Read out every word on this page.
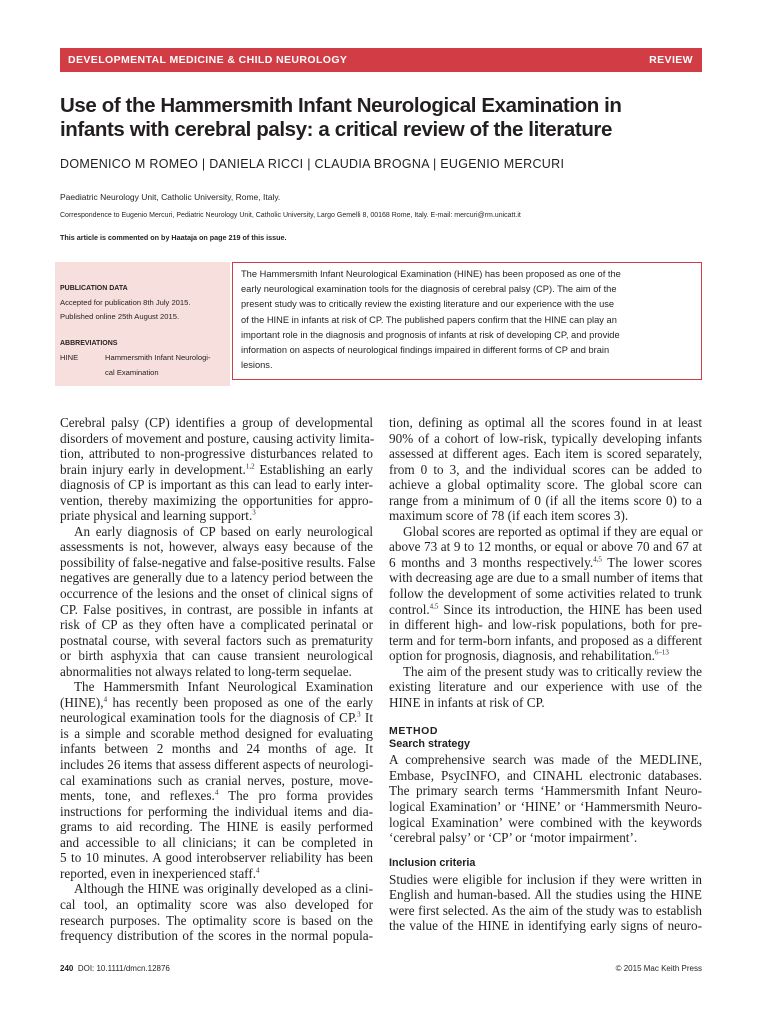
DEVELOPMENTAL MEDICINE & CHILD NEUROLOGY	REVIEW
Use of the Hammersmith Infant Neurological Examination in
infants with cerebral palsy: a critical review of the literature
DOMENICO M ROMEO | DANIELA RICCI | CLAUDIA BROGNA | EUGENIO MERCURI
Paediatric Neurology Unit, Catholic University, Rome, Italy.
Correspondence to Eugenio Mercuri, Pediatric Neurology Unit, Catholic University, Largo Gemelli 8, 00168 Rome, Italy. E-mail: mercuri@rm.unicatt.it
This article is commented on by Haataja on page 219 of this issue.
PUBLICATION DATA
Accepted for publication 8th July 2015.
Published online 25th August 2015.
ABBREVIATIONS
HINE	Hammersmith Infant Neurologi-
cal Examination
The Hammersmith Infant Neurological Examination (HINE) has been proposed as one of the
early neurological examination tools for the diagnosis of cerebral palsy (CP). The aim of the
present study was to critically review the existing literature and our experience with the use
of the HINE in infants at risk of CP. The published papers confirm that the HINE can play an
important role in the diagnosis and prognosis of infants at risk of developing CP, and provide
information on aspects of neurological findings impaired in different forms of CP and brain
lesions.
Cerebral palsy (CP) identifies a group of developmental
disorders of movement and posture, causing activity limita-
tion, attributed to non-progressive disturbances related to
brain injury early in development.$^{1,2}$ Establishing an early
diagnosis of CP is important as this can lead to early inter-
vention, thereby maximizing the opportunities for appro-
priate physical and learning support.$^3$
An early diagnosis of CP based on early neurological
assessments is not, however, always easy because of the
possibility of false-negative and false-positive results. False
negatives are generally due to a latency period between the
occurrence of the lesions and the onset of clinical signs of
CP. False positives, in contrast, are possible in infants at
risk of CP as they often have a complicated perinatal or
postnatal course, with several factors such as prematurity
or birth asphyxia that can cause transient neurological
abnormalities not always related to long-term sequelae.
The Hammersmith Infant Neurological Examination
(HINE),$^4$ has recently been proposed as one of the early
neurological examination tools for the diagnosis of CP.$^3$ It
is a simple and scorable method designed for evaluating
infants between 2 months and 24 months of age. It
includes 26 items that assess different aspects of neurologi-
cal examinations such as cranial nerves, posture, move-
ments, tone, and reflexes.$^4$ The pro forma provides
instructions for performing the individual items and dia-
grams to aid recording. The HINE is easily performed
and accessible to all clinicians; it can be completed in
5 to 10 minutes. A good interobserver reliability has been
reported, even in inexperienced staff.$^4$
Although the HINE was originally developed as a clini-
cal tool, an optimality score was also developed for
research purposes. The optimality score is based on the
frequency distribution of the scores in the normal popula-
tion, defining as optimal all the scores found in at least
90% of a cohort of low-risk, typically developing infants
assessed at different ages. Each item is scored separately,
from 0 to 3, and the individual scores can be added to
achieve a global optimality score. The global score can
range from a minimum of 0 (if all the items score 0) to a
maximum score of 78 (if each item scores 3).
Global scores are reported as optimal if they are equal or
above 73 at 9 to 12 months, or equal or above 70 and 67 at
6 months and 3 months respectively.$^{4,5}$ The lower scores
with decreasing age are due to a small number of items that
follow the development of some activities related to trunk
control.$^{4,5}$ Since its introduction, the HINE has been used
in different high- and low-risk populations, both for pre-
term and for term-born infants, and proposed as a different
option for prognosis, diagnosis, and rehabilitation.$^{6-13}$
The aim of the present study was to critically review the
existing literature and our experience with use of the
HINE in infants at risk of CP.
METHOD
Search strategy
A comprehensive search was made of the MEDLINE,
Embase, PsycINFO, and CINAHL electronic databases.
The primary search terms ‘Hammersmith Infant Neuro-
logical Examination’ or ‘HINE’ or ‘Hammersmith Neuro-
logical Examination’ were combined with the keywords
‘cerebral palsy’ or ‘CP’ or ‘motor impairment’.
Inclusion criteria
Studies were eligible for inclusion if they were written in
English and human-based. All the studies using the HINE
were first selected. As the aim of the study was to establish
the value of the HINE in identifying early signs of neuro-
240 DOI: 10.1111/dmcn.12876	© 2015 Mac Keith Press
